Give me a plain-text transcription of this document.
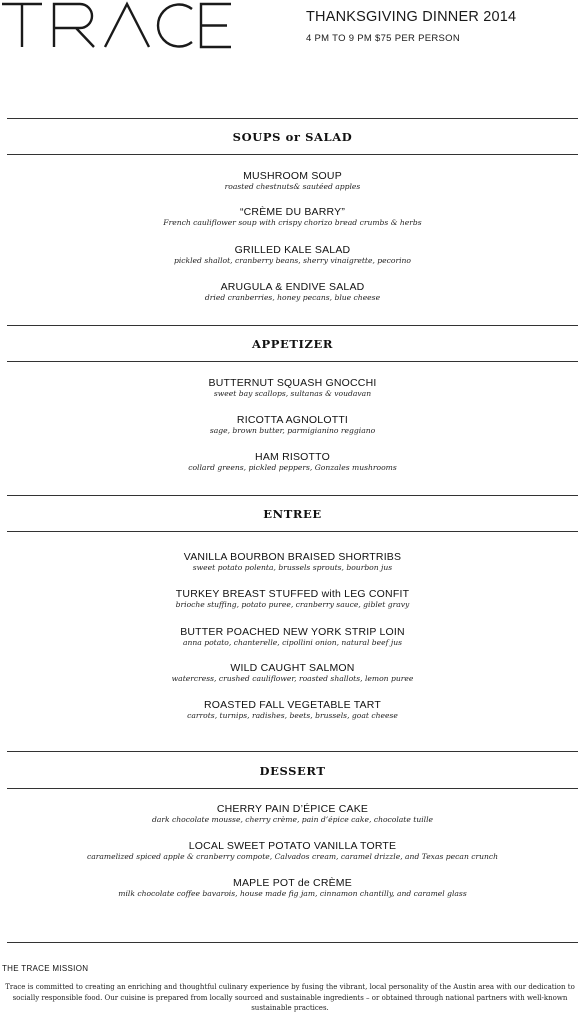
THANKSGIVING DINNER 2014
4 PM TO 9 PM $75 PER PERSON
SOUPS or SALAD
MUSHROOM SOUP
roasted chestnuts& sautéed apples
“CRÈME DU BARRY”
French cauliflower soup with crispy chorizo bread crumbs & herbs
GRILLED KALE SALAD
pickled shallot, cranberry beans, sherry vinaigrette, pecorino
ARUGULA & ENDIVE SALAD
dried cranberries, honey pecans, blue cheese
APPETIZER
BUTTERNUT SQUASH GNOCCHI
sweet bay scallops, sultanas & voudavan
RICOTTA AGNOLOTTI
sage, brown butter, parmigianino reggiano
HAM RISOTTO
collard greens, pickled peppers, Gonzales mushrooms
ENTREE
VANILLA BOURBON BRAISED SHORTRIBS
sweet potato polenta, brussels sprouts, bourbon jus
TURKEY BREAST STUFFED with LEG CONFIT
brioche stuffing, potato puree, cranberry sauce, giblet gravy
BUTTER POACHED NEW YORK STRIP LOIN
anna potato, chanterelle, cipollini onion, natural beef jus
WILD CAUGHT SALMON
watercress, crushed cauliflower, roasted shallots, lemon puree
ROASTED FALL VEGETABLE TART
carrots, turnips, radishes, beets, brussels, goat cheese
DESSERT
CHERRY PAIN D’ÉPICE CAKE
dark chocolate mousse, cherry crème, pain d’épice cake, chocolate tuille
LOCAL SWEET POTATO VANILLA TORTE
caramelized spiced apple & cranberry compote, Calvados cream, caramel drizzle, and Texas pecan crunch
MAPLE POT de CRÈME
milk chocolate coffee bavarois, house made fig jam, cinnamon chantilly, and caramel glass
THE TRACE MISSION
Trace is committed to creating an enriching and thoughtful culinary experience by fusing the vibrant, local personality of the Austin area with our dedication to socially responsible food. Our cuisine is prepared from locally sourced and sustainable ingredients – or obtained through national partners with well-known sustainable practices.
